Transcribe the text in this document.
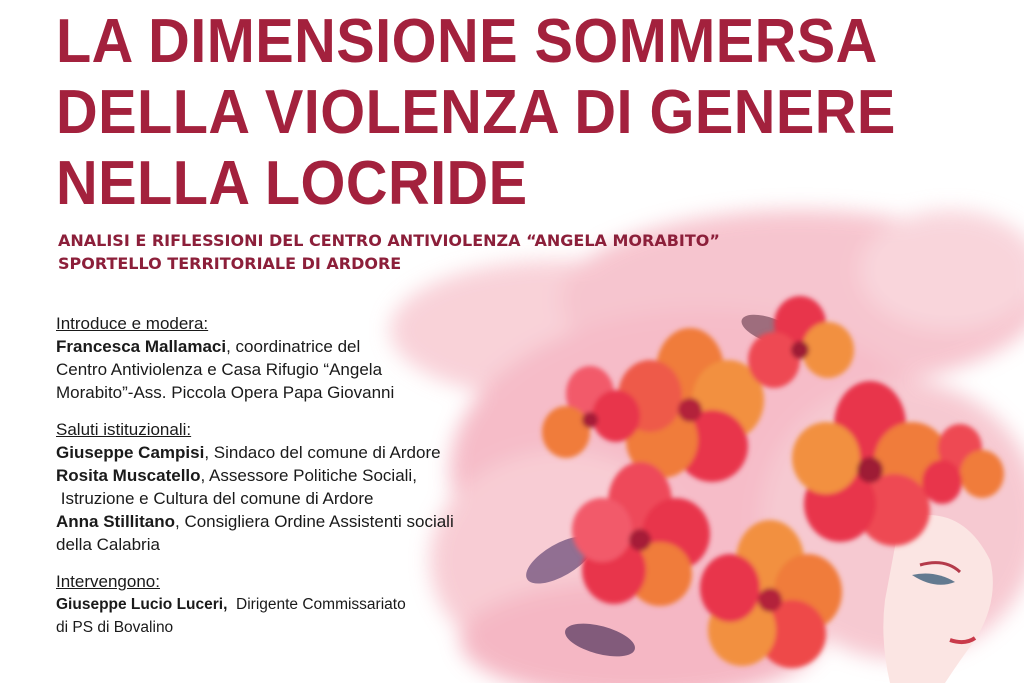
LA DIMENSIONE SOMMERSA
DELLA VIOLENZA DI GENERE
NELLA LOCRIDE
ANALISI E RIFLESSIONI DEL CENTRO ANTIVIOLENZA “ANGELA MORABITO”
SPORTELLO TERRITORIALE DI ARDORE
Introduce e modera:
Francesca Mallamaci, coordinatrice del
Centro Antiviolenza e Casa Rifugio “Angela
Morabito”-Ass. Piccola Opera Papa Giovanni
Saluti istituzionali:
Giuseppe Campisi, Sindaco del comune di Ardore
Rosita Muscatello, Assessore Politiche Sociali,
Istruzione e Cultura del comune di Ardore
Anna Stillitano, Consigliera Ordine Assistenti sociali
della Calabria
Intervengono:
Giuseppe Lucio Luceri,  Dirigente Commissariato
di PS di Bovalino
